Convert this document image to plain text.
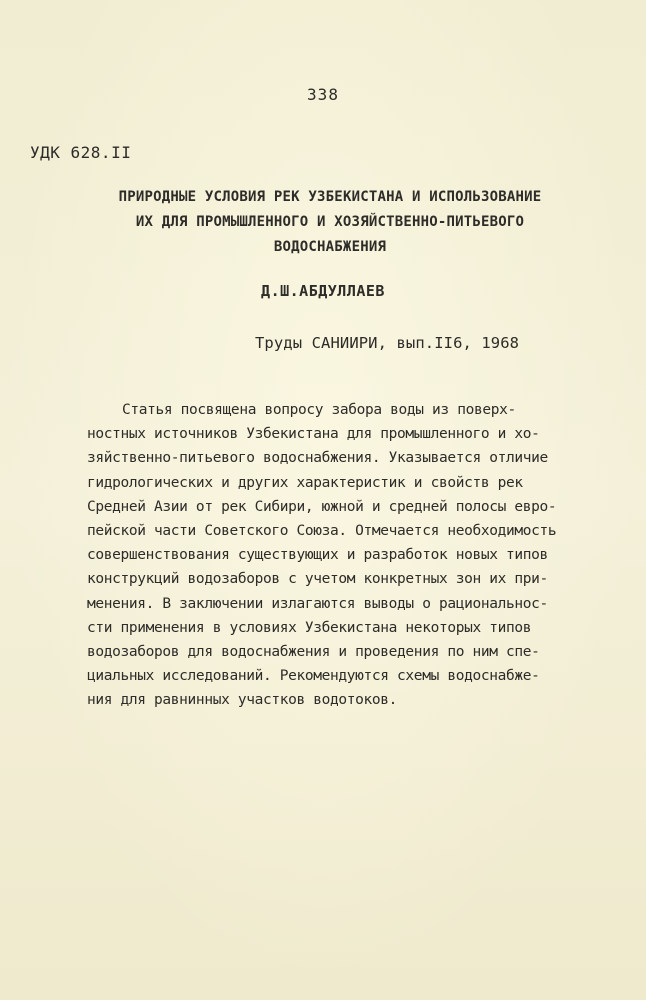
338
УДК 628.II
ПРИРОДНЫЕ УСЛОВИЯ РЕК УЗБЕКИСТАНА И ИСПОЛЬЗОВАНИЕ
ИХ ДЛЯ ПРОМЫШЛЕННОГО И ХОЗЯЙСТВЕННО-ПИТЬЕВОГО
ВОДОСНАБЖЕНИЯ
Д.Ш.АБДУЛЛАЕВ
Труды САНИИРИ, вып.II6, 1968
Статья посвящена вопросу забора воды из поверх-
ностных источников Узбекистана для промышленного и хо-
зяйственно-питьевого водоснабжения. Указывается отличие
гидрологических и других характеристик и свойств рек
Средней Азии от рек Сибири, южной и средней полосы евро-
пейской части Советского Союза. Отмечается необходимость
совершенствования существующих и разработок новых типов
конструкций водозаборов с учетом конкретных зон их при-
менения. В заключении излагаются выводы о рациональнос-
сти применения в условиях Узбекистана некоторых типов
водозаборов для водоснабжения и проведения по ним спе-
циальных исследований. Рекомендуются схемы водоснабже-
ния для равнинных участков водотоков.
